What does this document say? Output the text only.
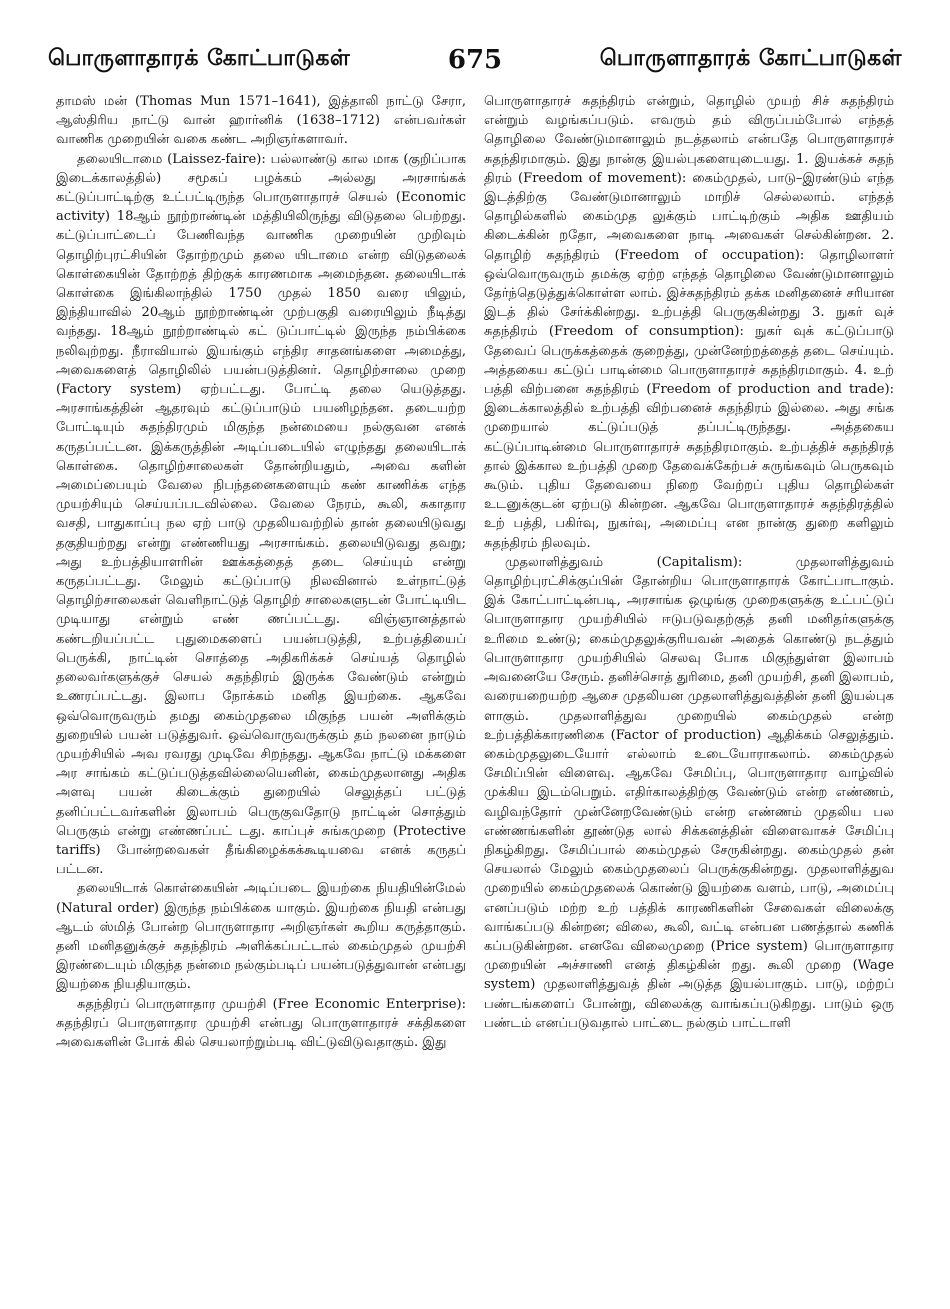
பொருளாதாரக் கோட்பாடுகள்	675	பொருளாதாரக் கோட்பாடுகள்

தாமஸ் மன் (Thomas Mun 1571–1641), இத்தாலி நாட்டு சேரா, ஆஸ்திரிய நாட்டு வான் ஹார்னிக் (1638–1712) என்பவர்கள் வாணிக முறையின் வகை கண்ட அறிஞர்களாவர்.

தலையிடாமை (Laissez-faire): பல்லாண்டு கால மாக (குறிப்பாக இடைக்காலத்தில்) சமூகப் பழக்கம் அல்லது அரசாங்கக் கட்டுப்பாட்டிற்கு உட்பட்டிருந்த பொருளாதாரச் செயல் (Economic activity) 18ஆம் நூற்றாண்டின் மத்தியிலிருந்து விடுதலை பெற்றது. கட்டுப்பாட்டைப் பேணிவந்த வாணிக முறையின் முறிவும் தொழிற்புரட்சியின் தோற்றமும் தலை யிடாமை என்ற விடுதலைக் கொள்கையின் தோற்றத் திற்குக் காரணமாக அமைந்தன. தலையிடாக் கொள்கை இங்கிலாந்தில் 1750 முதல் 1850 வரை யிலும், இந்தியாவில் 20ஆம் நூற்றாண்டின் முற்பகுதி வரையிலும் நீடித்து வந்தது. 18ஆம் நூற்றாண்டில் கட் டுப்பாட்டில் இருந்த நம்பிக்கை நலிவுற்றது. நீராவியால் இயங்கும் எந்திர சாதனங்களை அமைத்து, அவைகளைத் தொழிலில் பயன்படுத்தினர். தொழிற்சாலை முறை (Factory system) ஏற்பட்டது. போட்டி தலை யெடுத்தது. அரசாங்கத்தின் ஆதரவும் கட்டுப்பாடும் பயனிழந்தன. தடையற்ற போட்டியும் சுதந்திரமும் மிகுந்த நன்மையை நல்குவன எனக் கருதப்பட்டன. இக்கருத்தின் அடிப்படையில் எழுந்தது தலையிடாக் கொள்கை. தொழிற்சாலைகள் தோன்றியதும், அவை களின் அமைப்பையும் வேலை நிபந்தனைகளையும் கண் காணிக்க எந்த முயற்சியும் செய்யப்படவில்லை. வேலை நேரம், கூலி, சுகாதார வசதி, பாதுகாப்பு நல ஏற் பாடு முதலியவற்றில் தான் தலையிடுவது தகுதியற்றது என்று எண்ணியது அரசாங்கம். தலையிடுவது தவறு; அது உற்பத்தியாளரின் ஊக்கத்தைத் தடை செய்யும் என்று கருதப்பட்டது. மேலும் கட்டுப்பாடு நிலவினால் உள்நாட்டுத் தொழிற்சாலைகள் வெளிநாட்டுத் தொழிற் சாலைகளுடன் போட்டியிட முடியாது என்றும் எண் ணப்பட்டது. விஞ்ஞானத்தால் கண்டறியப்பட்ட புதுமைகளைப் பயன்படுத்தி, உற்பத்தியைப் பெருக்கி, நாட்டின் சொத்தை அதிகரிக்கச் செய்யத் தொழில் தலைவர்களுக்குச் செயல் சுதந்திரம் இருக்க வேண்டும் என்றும் உணரப்பட்டது. இலாப நோக்கம் மனித இயற்கை. ஆகவே ஒவ்வொருவரும் தமது கைம்முதலை மிகுந்த பயன் அளிக்கும் துறையில் பயன் படுத்துவர். ஒவ்வொருவருக்கும் தம் நலனை நாடும் முயற்சியில் அவ ரவரது முடிவே சிறந்தது. ஆகவே நாட்டு மக்களை அர சாங்கம் கட்டுப்படுத்தவில்லையெனின், கைம்முதலானது அதிக அளவு பயன் கிடைக்கும் துறையில் செலுத்தப் பட்டுத் தனிப்பட்டவர்களின் இலாபம் பெருகுவதோடு நாட்டின் சொத்தும் பெருகும் என்று எண்ணப்பட் டது. காப்புச் சுங்கமுறை (Protective tariffs) போன்றவைகள் தீங்கிழைக்கக்கூடியவை எனக் கருதப் பட்டன.

தலையிடாக் கொள்கையின் அடிப்படை இயற்கை நியதியின்மேல் (Natural order) இருந்த நம்பிக்கை யாகும். இயற்கை நியதி என்பது ஆடம் ஸ்மித் போன்ற பொருளாதார அறிஞர்கள் கூறிய கருத்தாகும். தனி மனிதனுக்குச் சுதந்திரம் அளிக்கப்பட்டால் கைம்முதல் முயற்சி இரண்டையும் மிகுந்த நன்மை நல்கும்படிப் பயன்படுத்துவான் என்பது இயற்கை நியதியாகும்.

சுதந்திரப் பொருளாதார முயற்சி (Free Economic Enterprise): சுதந்திரப் பொருளாதார முயற்சி என்பது பொருளாதாரச் சக்திகளை அவைகளின் போக் கில் செயலாற்றும்படி விட்டுவிடுவதாகும். இது

பொருளாதாரச் சுதந்திரம் என்றும், தொழில் முயற் சிச் சுதந்திரம் என்றும் வழங்கப்படும். எவரும் தம் விருப்பம்போல் எந்தத் தொழிலை வேண்டுமானாலும் நடத்தலாம் என்பதே பொருளாதாரச் சுதந்திரமாகும். இது நான்கு இயல்புகளையுடையது. 1. இயக்கச் சுதந் திரம் (Freedom of movement): கைம்முதல், பாடு–இரண்டும் எந்த இடத்திற்கு வேண்டுமானாலும் மாறிச் செல்லலாம். எந்தத் தொழில்களில் கைம்முத லுக்கும் பாட்டிற்கும் அதிக ஊதியம் கிடைக்கின் றதோ, அவைகளை நாடி அவைகள் செல்கின்றன. 2. தொழிற் சுதந்திரம் (Freedom of occupation): தொழிலாளர் ஒவ்வொருவரும் தமக்கு ஏற்ற எந்தத் தொழிலை வேண்டுமானாலும் தேர்ந்தெடுத்துக்கொள்ள லாம். இச்சுதந்திரம் தக்க மனிதனைச் சரியான இடத் தில் சேர்க்கின்றது. உற்பத்தி பெருகுகின்றது 3. நுகர் வுச் சுதந்திரம் (Freedom of consumption): நுகர் வுக் கட்டுப்பாடு தேவைப் பெருக்கத்தைக் குறைத்து, முன்னேற்றத்தைத் தடை செய்யும். அத்தகைய கட்டுப் பாடின்மை பொருளாதாரச் சுதந்திரமாகும். 4. உற் பத்தி விற்பனை சுதந்திரம் (Freedom of production and trade): இடைக்காலத்தில் உற்பத்தி விற்பனைச் சுதந்திரம் இல்லை. அது சங்க முறையால் கட்டுப்படுத் தப்பட்டிருந்தது. அத்தகைய கட்டுப்பாடின்மை பொருளாதாரச் சுதந்திரமாகும். உற்பத்திச் சுதந்திரத் தால் இக்கால உற்பத்தி முறை தேவைக்கேற்பச் சுருங்கவும் பெருகவும் கூடும். புதிய தேவையை நிறை வேற்றப் புதிய தொழில்கள் உடனுக்குடன் ஏற்படு கின்றன. ஆகவே பொருளாதாரச் சுதந்திரத்தில் உற் பத்தி, பகிர்வு, நுகர்வு, அமைப்பு என நான்கு துறை களிலும் சுதந்திரம் நிலவும்.

முதலாளித்துவம் (Capitalism): முதலாளித்துவம் தொழிற்புரட்சிக்குப்பின் தோன்றிய பொருளாதாரக் கோட்பாடாகும். இக் கோட்பாட்டின்படி, அரசாங்க ஒழுங்கு முறைகளுக்கு உட்பட்டுப் பொருளாதார முயற்சியில் ஈடுபடுவதற்குத் தனி மனிதர்களுக்கு உரிமை உண்டு; கைம்முதலுக்குரியவன் அதைக் கொண்டு நடத்தும் பொருளாதார முயற்சியில் செலவு போக மிகுந்துள்ள இலாபம் அவனையே சேரும். தனிச்சொத் துரிமை, தனி முயற்சி, தனி இலாபம், வரையறையற்ற ஆசை முதலியன முதலாளித்துவத்தின் தனி இயல்புக ளாகும். முதலாளித்துவ முறையில் கைம்முதல் என்ற உற்பத்திக்காரணிகை (Factor of production) ஆதிக்கம் செலுத்தும். கைம்முதலுடையோர் எல்லாம் உடையோராகலாம். கைம்முதல் சேமிப்பின் விளைவு. ஆகவே சேமிப்பு, பொருளாதார வாழ்வில் முக்கிய இடம்பெறும். எதிர்காலத்திற்கு வேண்டும் என்ற எண்ணம், வழிவந்தோர் முன்னேறவேண்டும் என்ற எண்ணம் முதலிய பல எண்ணங்களின் தூண்டுத லால் சிக்கனத்தின் விளைவாகச் சேமிப்பு நிகழ்கிறது. சேமிப்பால் கைம்முதல் சேருகின்றது. கைம்முதல் தன் செயலால் மேலும் கைம்முதலைப் பெருக்குகின்றது. முதலாளித்துவ முறையில் கைம்முதலைக் கொண்டு இயற்கை வளம், பாடு, அமைப்பு எனப்படும் மற்ற உற் பத்திக் காரணிகளின் சேவைகள் விலைக்கு வாங்கப்படு கின்றன; விலை, கூலி, வட்டி என்பன பணத்தால் கணிக் கப்படுகின்றன. எனவே விலைமுறை (Price system) பொருளாதார முறையின் அச்சாணி எனத் திகழ்கின் றது. கூலி முறை (Wage system) முதலாளித்துவத் தின் அடுத்த இயல்பாகும். பாடு, மற்றப் பண்டங்களைப் போன்று, விலைக்கு வாங்கப்படுகிறது. பாடும் ஒரு பண்டம் எனப்படுவதால் பாட்டை நல்கும் பாட்டாளி
